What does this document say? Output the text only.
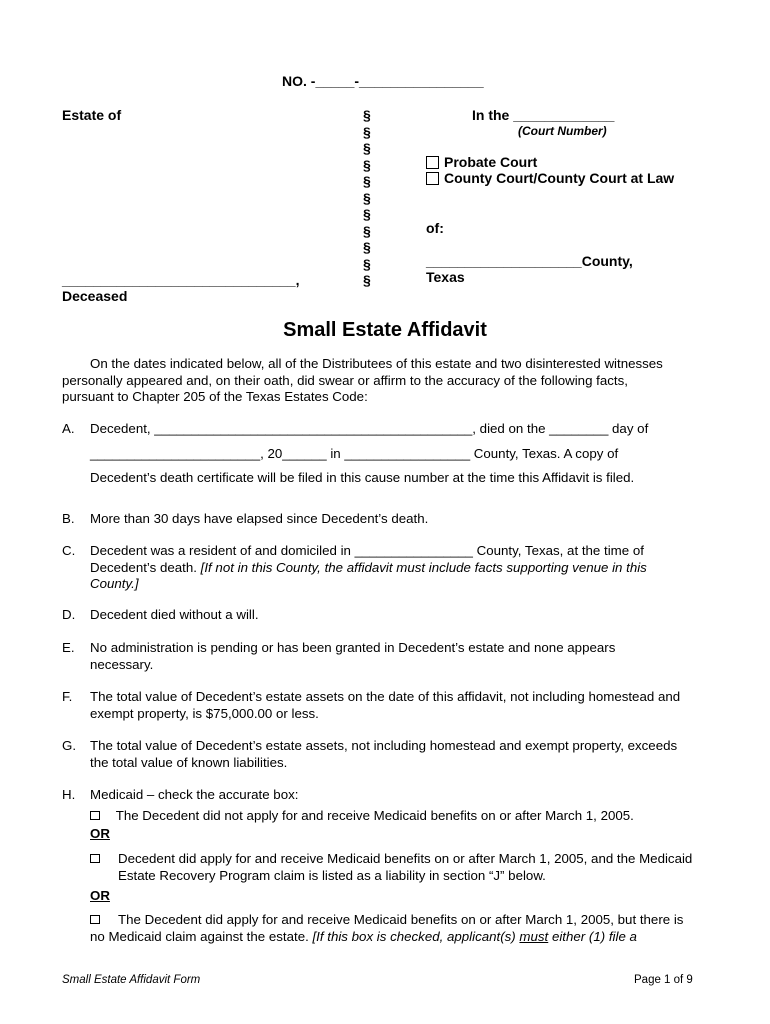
NO. -_____-________________
Estate of	§
§
§
§
§
§
§
§
§
§
§
In the _____________
(Court Number)
Probate Court
County Court/County Court at Law
of:
____________________County,
Texas
______________________________,
Deceased
Small Estate Affidavit
On the dates indicated below, all of the Distributees of this estate and two disinterested witnesses
personally appeared and, on their oath, did swear or affirm to the accuracy of the following facts,
pursuant to Chapter 205 of the Texas Estates Code:
A. Decedent, ___________________________________________, died on the ________ day of
_______________________, 20______ in _________________ County, Texas. A copy of
Decedent’s death certificate will be filed in this cause number at the time this Affidavit is filed.
B. More than 30 days have elapsed since Decedent’s death.
C. Decedent was a resident of and domiciled in ________________ County, Texas, at the time of
Decedent’s death. [If not in this County, the affidavit must include facts supporting venue in this
County.]
D. Decedent died without a will.
E. No administration is pending or has been granted in Decedent’s estate and none appears
necessary.
F. The total value of Decedent’s estate assets on the date of this affidavit, not including homestead and
exempt property, is $75,000.00 or less.
G. The total value of Decedent’s estate assets, not including homestead and exempt property, exceeds
the total value of known liabilities.
H. Medicaid – check the accurate box:
The Decedent did not apply for and receive Medicaid benefits on or after March 1, 2005.
OR
Decedent did apply for and receive Medicaid benefits on or after March 1, 2005, and the Medicaid
Estate Recovery Program claim is listed as a liability in section “J” below.
OR
The Decedent did apply for and receive Medicaid benefits on or after March 1, 2005, but there is
no Medicaid claim against the estate. [If this box is checked, applicant(s) must either (1) file a
Small Estate Affidavit Form	Page 1 of 9
